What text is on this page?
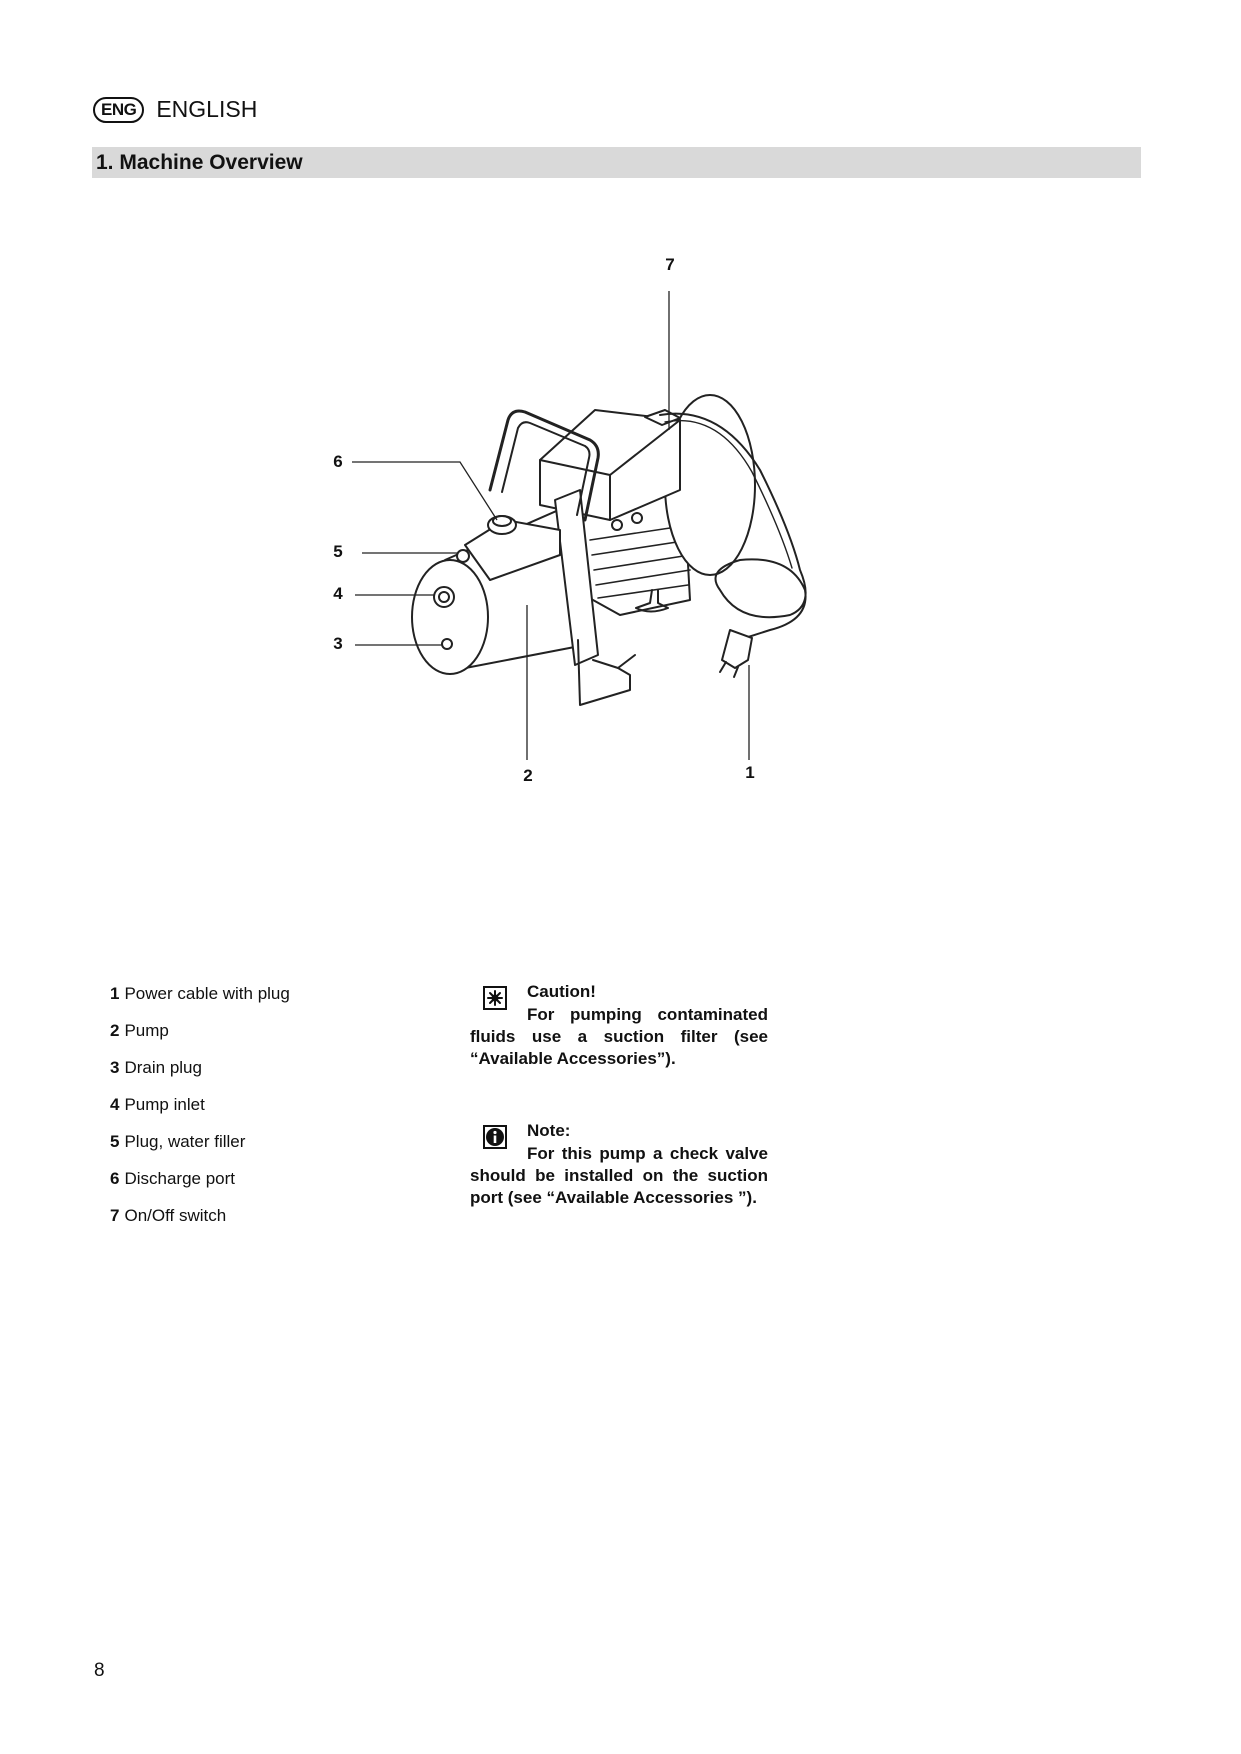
ENG ENGLISH
1. Machine Overview
7
6
5
4
3
2	1
1 Power cable with plug
2 Pump
3 Drain plug
4 Pump inlet
5 Plug, water filler
6 Discharge port
7 On/Off switch
Caution!
For pumping contaminated fluids use a suction filter (see “Available Accessories”).
Note:
For this pump a check valve should be installed on the suction port (see “Available Accessories ”).
8
